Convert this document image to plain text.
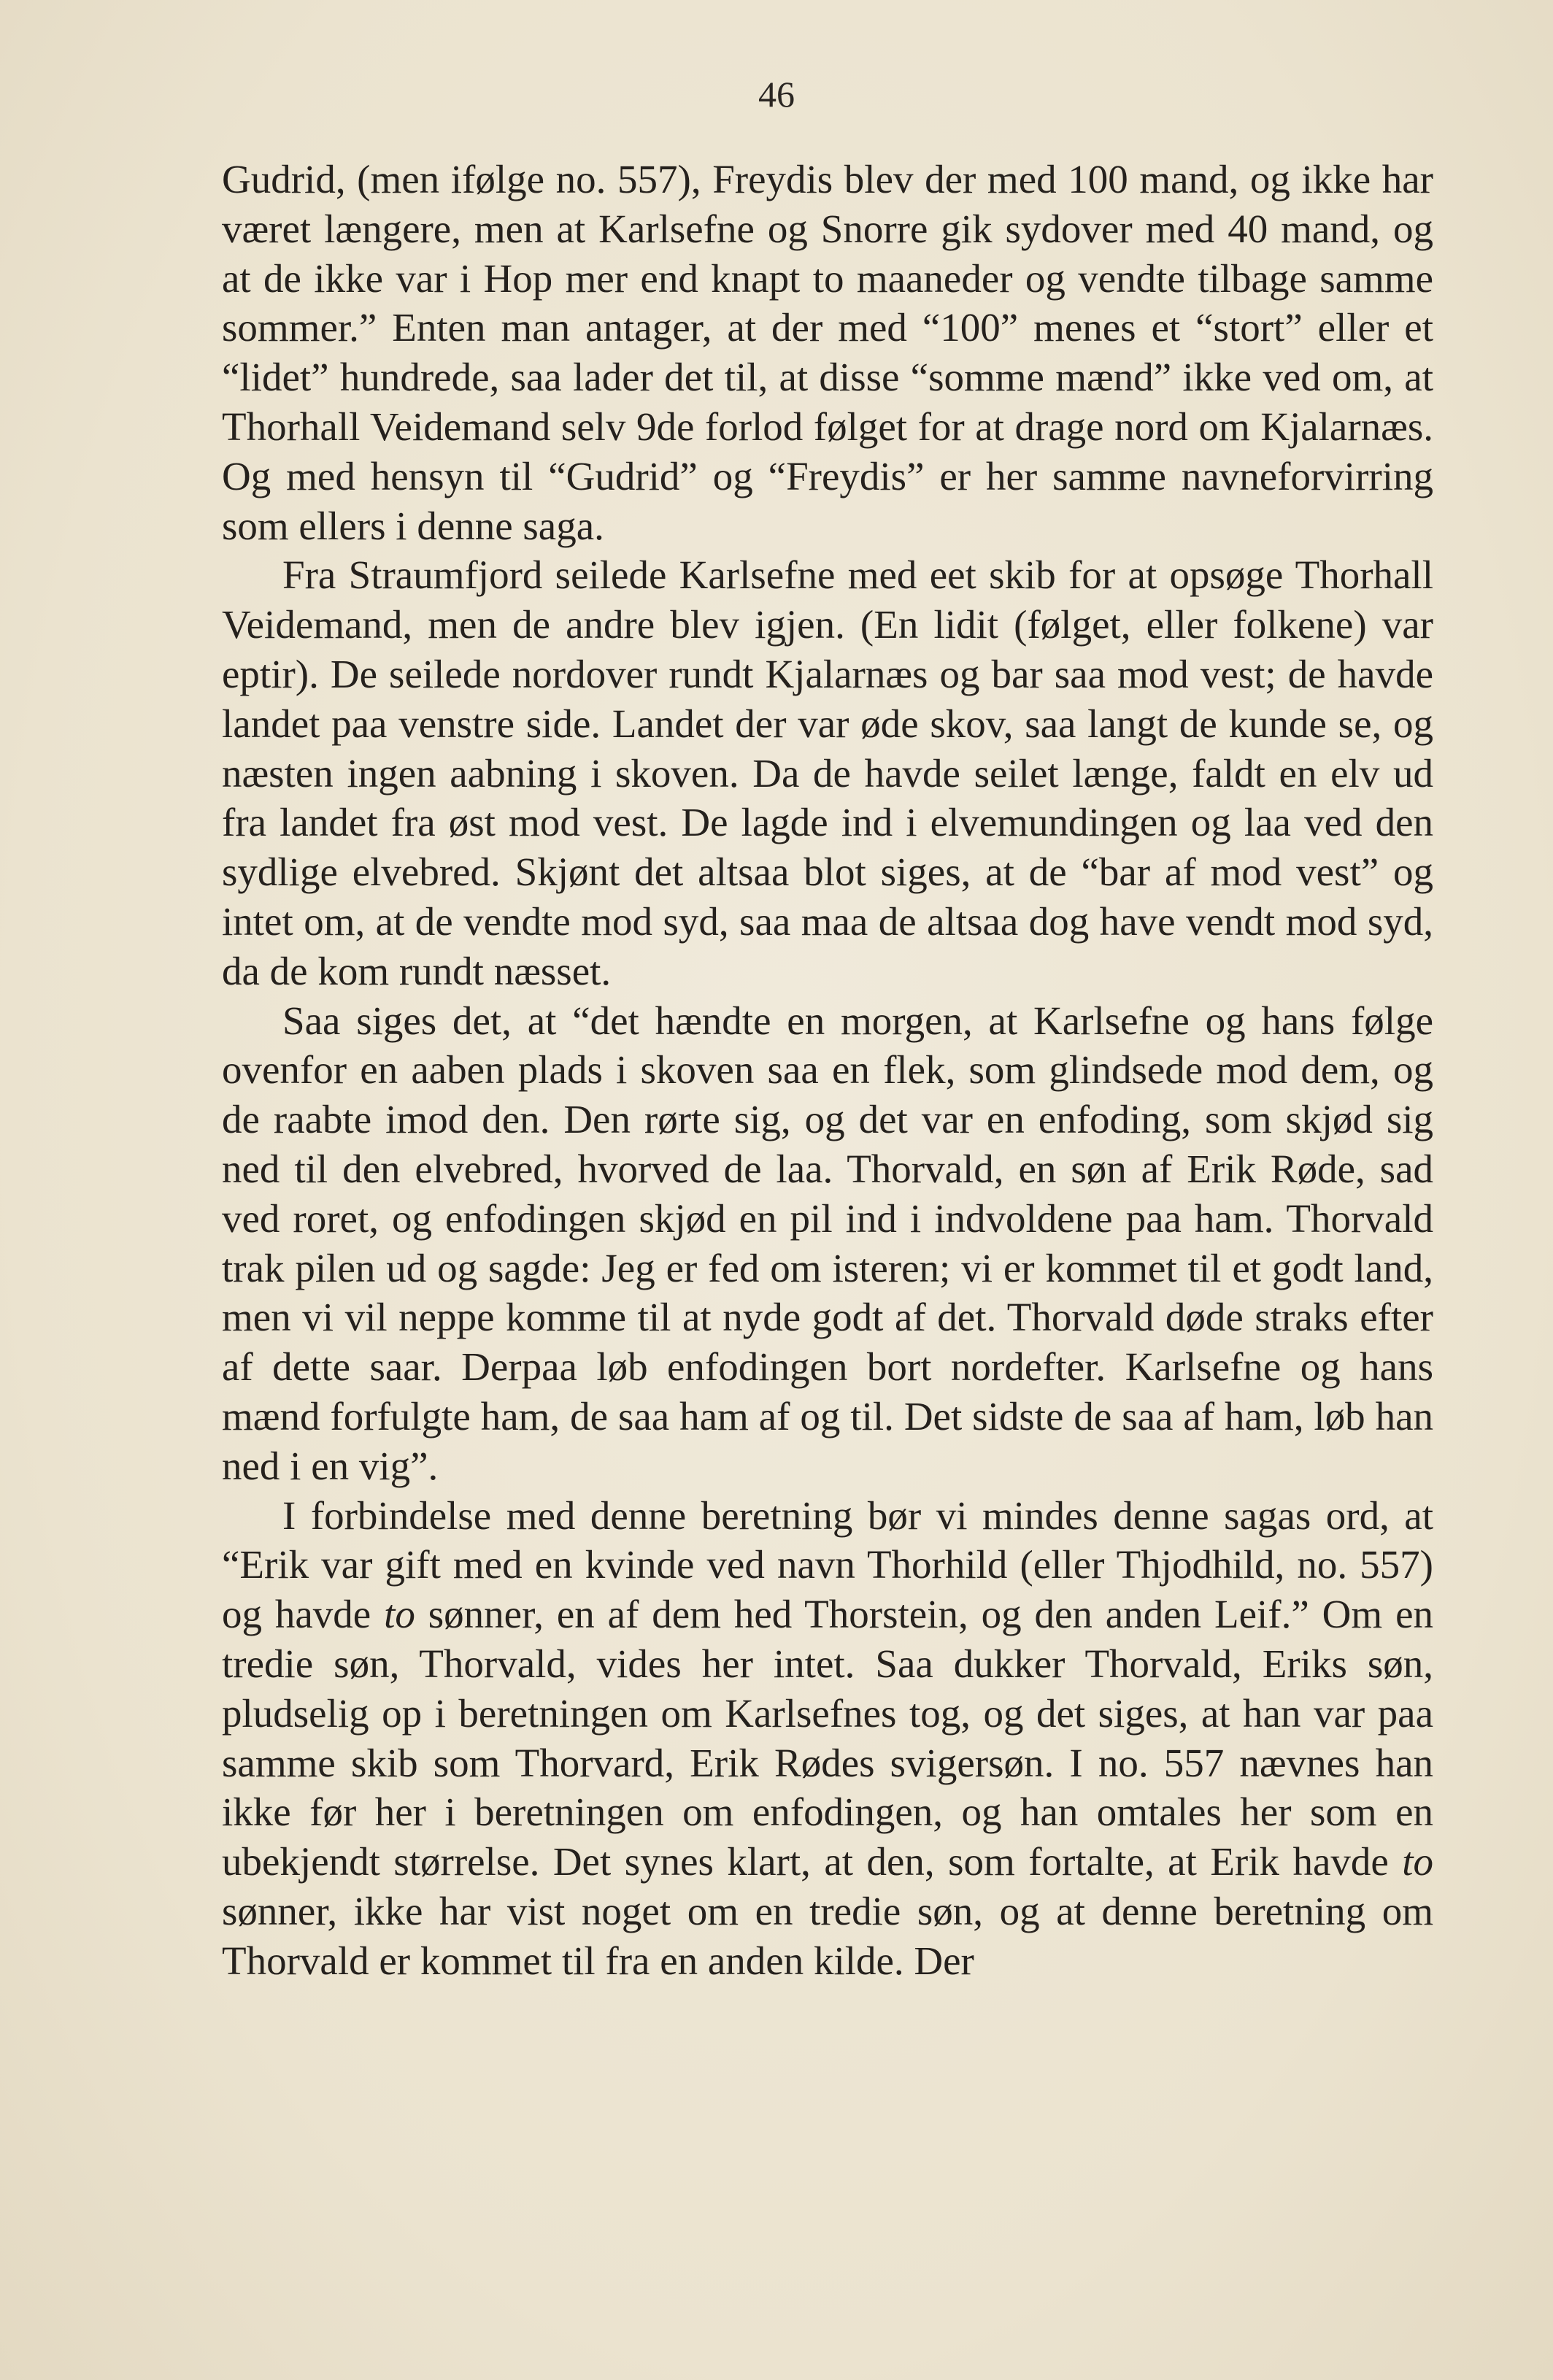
46

Gudrid, (men ifølge no. 557), Freydis blev der med 100 mand, og ikke har været længere, men at Karlsefne og Snorre gik sydover med 40 mand, og at de ikke var i Hop mer end knapt to maaneder og vendte tilbage samme sommer.” Enten man antager, at der med “100” menes et “stort” eller et “lidet” hundrede, saa lader det til, at disse “somme mænd” ikke ved om, at Thorhall Veidemand selv 9de forlod følget for at drage nord om Kjalarnæs. Og med hensyn til “Gudrid” og “Freydis” er her samme navneforvirring som ellers i denne saga.

Fra Straumfjord seilede Karlsefne med eet skib for at opsøge Thorhall Veidemand, men de andre blev igjen. (En lidit (følget, eller folkene) var eptir). De seilede nordover rundt Kjalarnæs og bar saa mod vest; de havde landet paa venstre side. Landet der var øde skov, saa langt de kunde se, og næsten ingen aabning i skoven. Da de havde seilet længe, faldt en elv ud fra landet fra øst mod vest. De lagde ind i elvemundingen og laa ved den sydlige elvebred. Skjønt det altsaa blot siges, at de “bar af mod vest” og intet om, at de vendte mod syd, saa maa de altsaa dog have vendt mod syd, da de kom rundt næsset.

Saa siges det, at “det hændte en morgen, at Karlsefne og hans følge ovenfor en aaben plads i skoven saa en flek, som glindsede mod dem, og de raabte imod den. Den rørte sig, og det var en enfoding, som skjød sig ned til den elvebred, hvorved de laa. Thorvald, en søn af Erik Røde, sad ved roret, og enfodingen skjød en pil ind i indvoldene paa ham. Thorvald trak pilen ud og sagde: Jeg er fed om isteren; vi er kommet til et godt land, men vi vil neppe komme til at nyde godt af det. Thorvald døde straks efter af dette saar. Derpaa løb enfodingen bort nordefter. Karlsefne og hans mænd forfulgte ham, de saa ham af og til. Det sidste de saa af ham, løb han ned i en vig”.

I forbindelse med denne beretning bør vi mindes denne sagas ord, at “Erik var gift med en kvinde ved navn Thorhild (eller Thjodhild, no. 557) og havde to sønner, en af dem hed Thorstein, og den anden Leif.” Om en tredie søn, Thorvald, vides her intet. Saa dukker Thorvald, Eriks søn, pludselig op i beretningen om Karlsefnes tog, og det siges, at han var paa samme skib som Thorvard, Erik Rødes svigersøn. I no. 557 nævnes han ikke før her i beretningen om enfodingen, og han omtales her som en ubekjendt størrelse. Det synes klart, at den, som fortalte, at Erik havde to sønner, ikke har vist noget om en tredie søn, og at denne beretning om Thorvald er kommet til fra en anden kilde. Der
